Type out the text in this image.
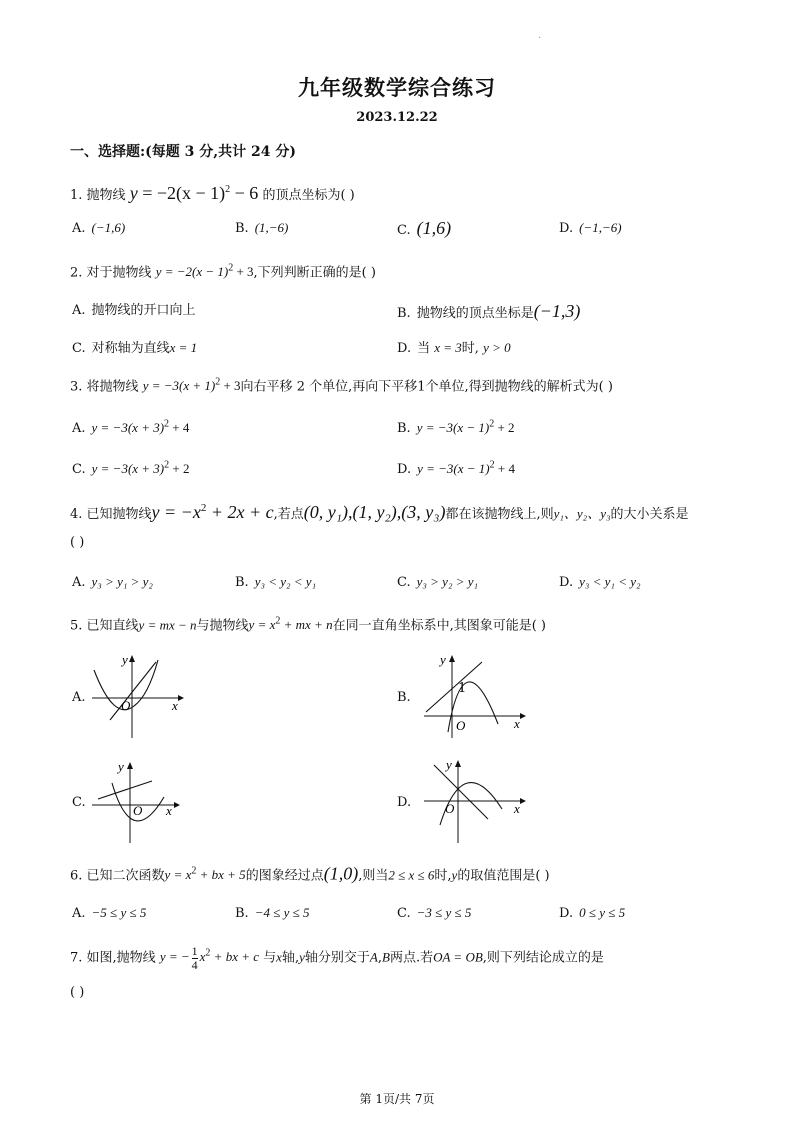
·
九年级数学综合练习
2023.12.22
一、选择题:(每题 3 分,共计 24 分)
1. 抛物线 $y = -2(x - 1)^2 - 6$ 的顶点坐标为( )
A. (−1,6)	B. (1,−6)	C. (1,6)	D. (−1,−6)
2. 对于抛物线 $y = -2(x - 1)^2 + 3$,下列判断正确的是( )
A. 抛物线的开口向上	B. 抛物线的顶点坐标是(−1,3)
C. 对称轴为直线x = 1	D. 当 x = 3时, y > 0
3. 将抛物线 $y = -3(x + 1)^2 + 3$向右平移 2 个单位,再向下平移1个单位,得到抛物线的解析式为( )
A. $y = -3(x + 3)^2 + 4$	B. $y = -3(x - 1)^2 + 2$
C. $y = -3(x + 3)^2 + 2$	D. $y = -3(x - 1)^2 + 4$
4. 已知抛物线$y = -x^2 + 2x + c$,若点(0, y₁),(1, y₂),(3, y₃)都在该抛物线上,则y₁、y₂、y₃的大小关系是
( )
A. y₃ > y₁ > y₂	B. y₃ < y₂ < y₁	C. y₃ > y₂ > y₁	D. y₃ < y₁ < y₂
5. 已知直线y = mx − n与抛物线$y = x^2$ + mx + n在同一直角坐标系中,其图象可能是( )
A.
x
y
O
B.
x
y
O
1
C.
x
y
O
D.	x
y
O
6. 已知二次函数$y = x^2$ + bx + 5的图象经过点(1,0),则当2 ≤ x ≤ 6时,y的取值范围是( )
A. −5 ≤ y ≤ 5	B. −4 ≤ y ≤ 5	C. −3 ≤ y ≤ 5	D. 0 ≤ y ≤ 5
7. 如图,抛物线 y = − $\frac{1}{4} x^2$ + bx + c 与x轴,y轴分别交于A,B两点.若OA = OB,则下列结论成立的是
( )
第 1页/共 7页
